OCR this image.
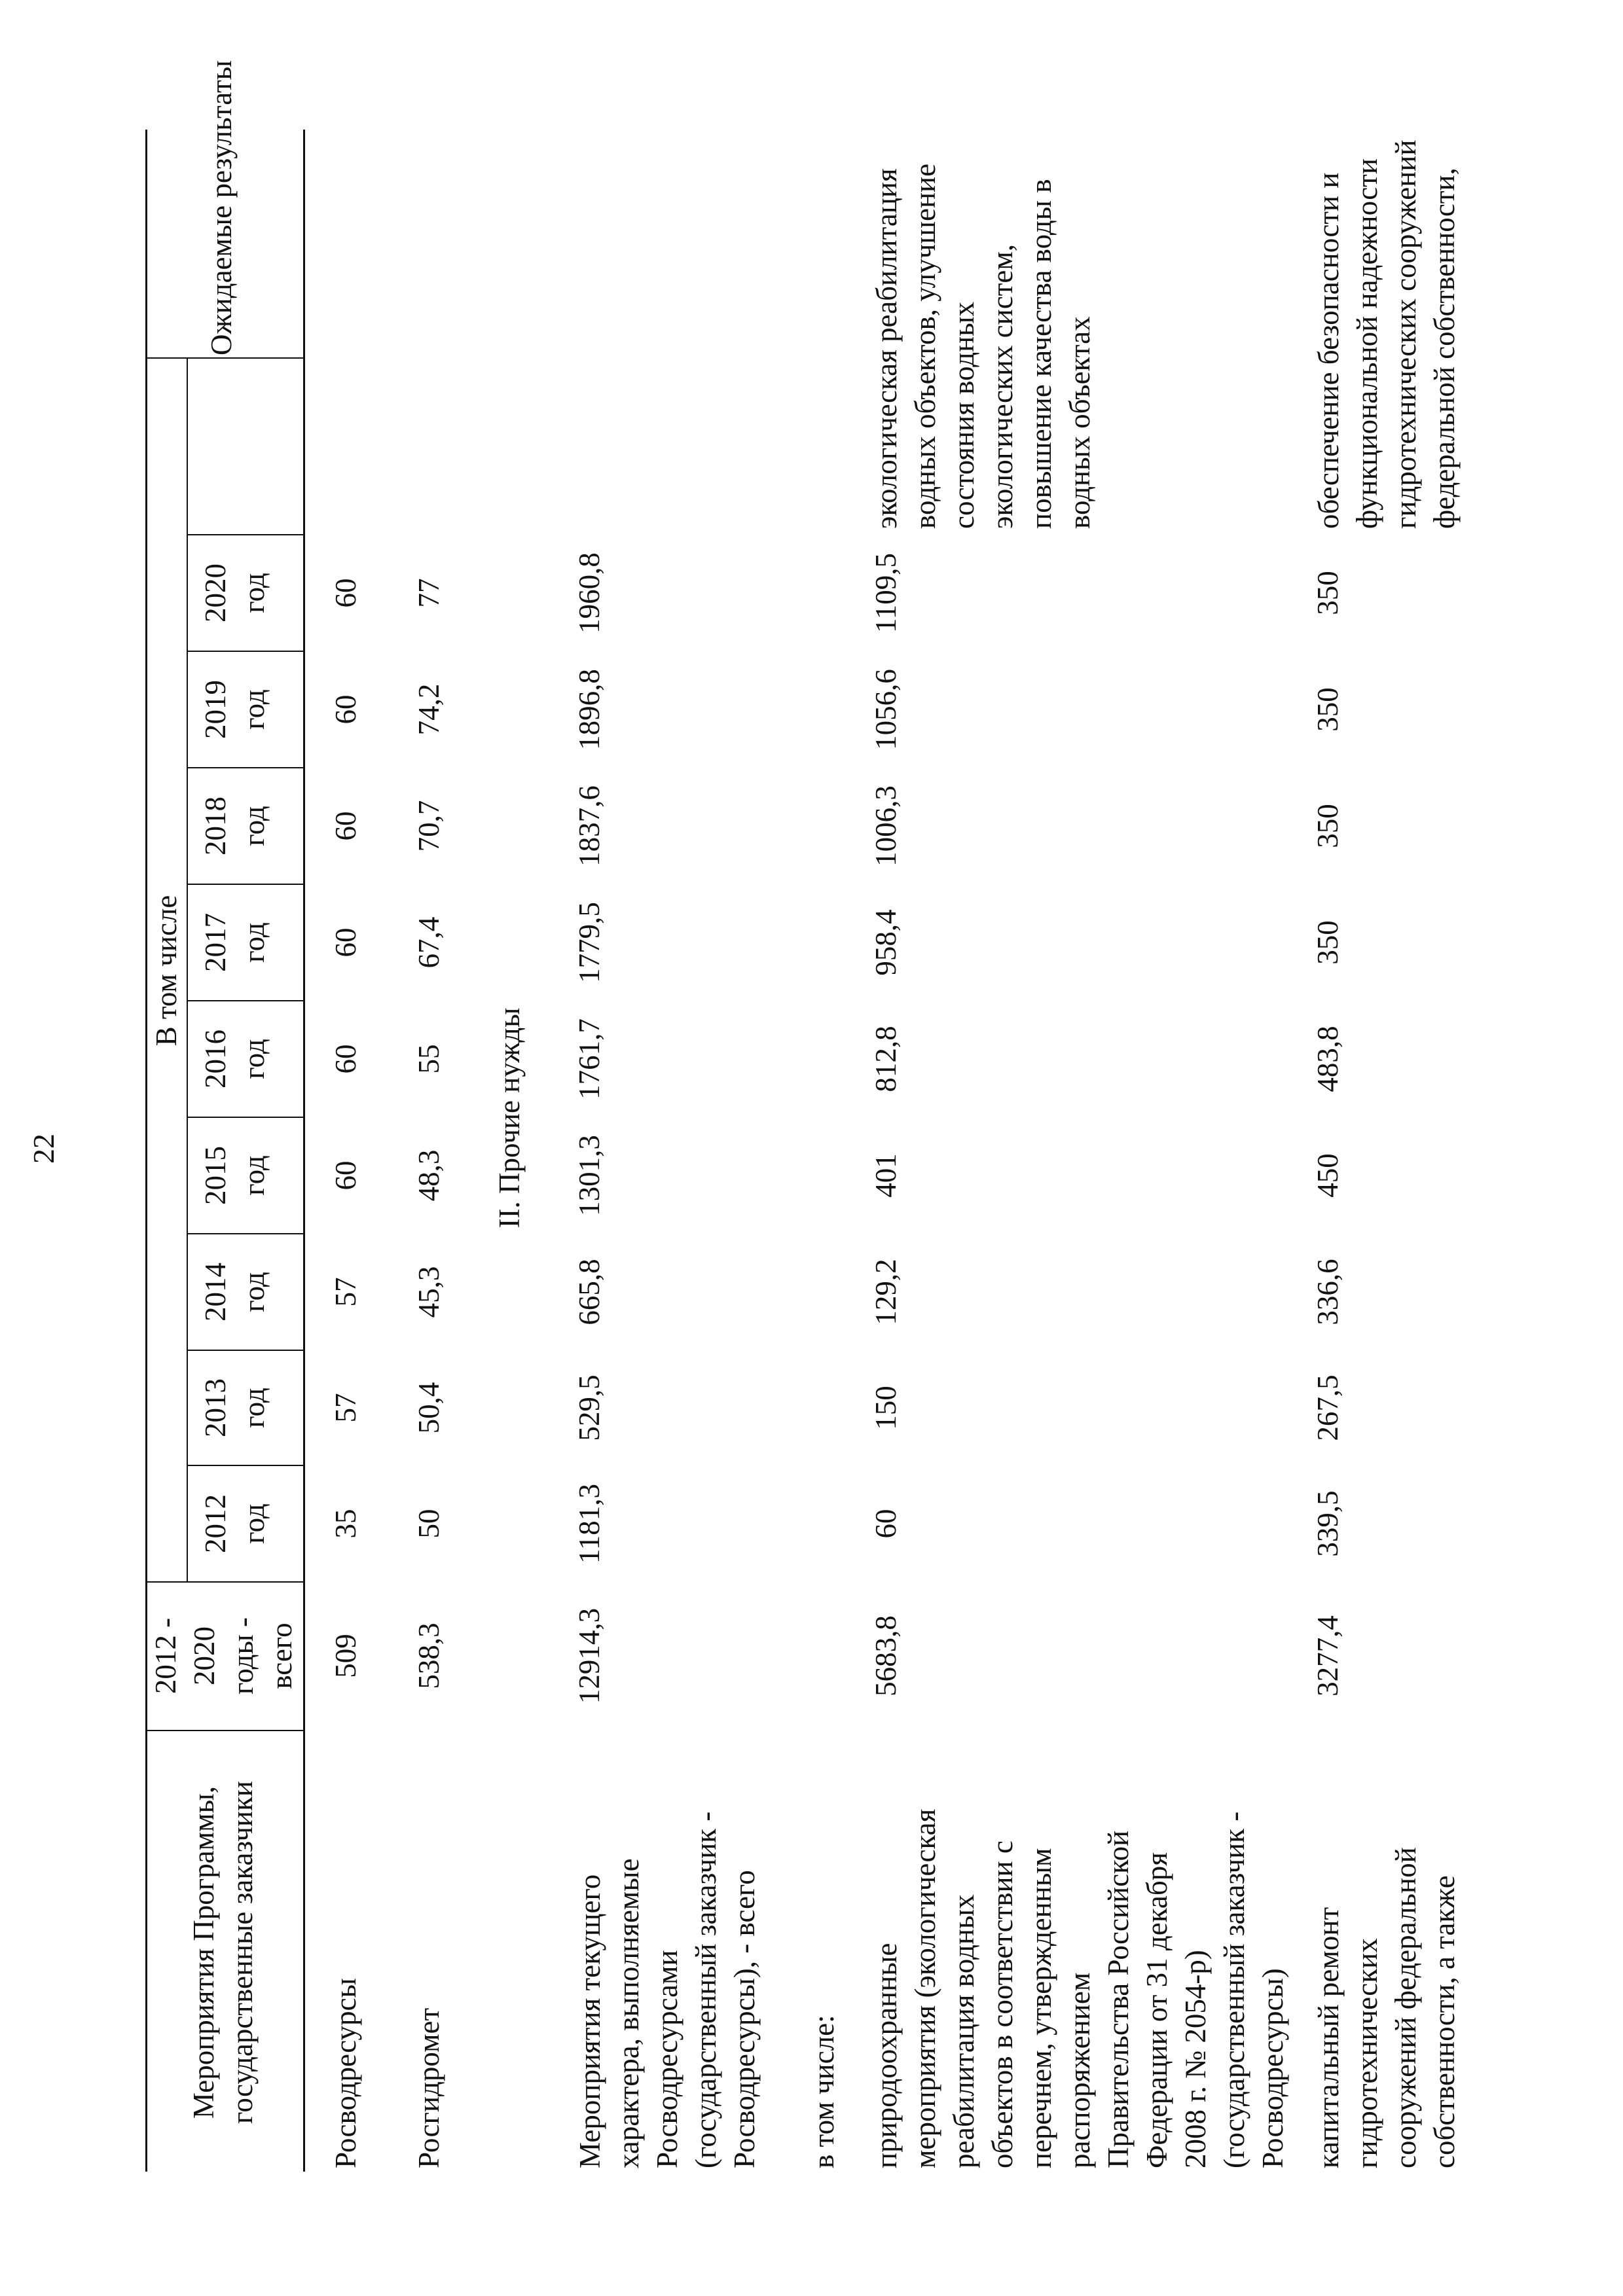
22
Мероприятия Программы,
государственные заказчики
2012 -
2020
годы -
всего
В том числе
2012
год
2013
год
2014
год
2015
год
2016
год
2017
год
2018
год
2019
год
2020
год
Ожидаемые результаты
Росводресурсы
509
35
57
57
60
60
60
60
60
60
Росгидромет
538,3
50
50,4
45,3
48,3
55
67,4
70,7
74,2
77
II. Прочие нужды
Мероприятия текущего
характера, выполняемые
Росводресурсами
(государственный заказчик -
Росводресурсы), - всего
12914,3
1181,3
529,5
665,8
1301,3
1761,7
1779,5
1837,6
1896,8
1960,8
в том числе: природоохранные
мероприятия (экологическая
реабилитация водных
объектов в соответствии с
перечнем, утвержденным
распоряжением
Правительства Российской
Федерации от 31 декабря
2008 г. № 2054-р)
(государственный заказчик -
Росводресурсы)
5683,8
60
150
129,2
401
812,8
958,4
1006,3
1056,6
1109,5
экологическая реабилитация
водных объектов, улучшение
состояния водных
экологических систем,
повышение качества воды в
водных объектах
капитальный ремонт
гидротехнических
сооружений федеральной
собственности, а также
3277,4
339,5
267,5
336,6
450
483,8
350
350
350
350
обеспечение безопасности и
функциональной надежности
гидротехнических сооружений
федеральной собственности,
